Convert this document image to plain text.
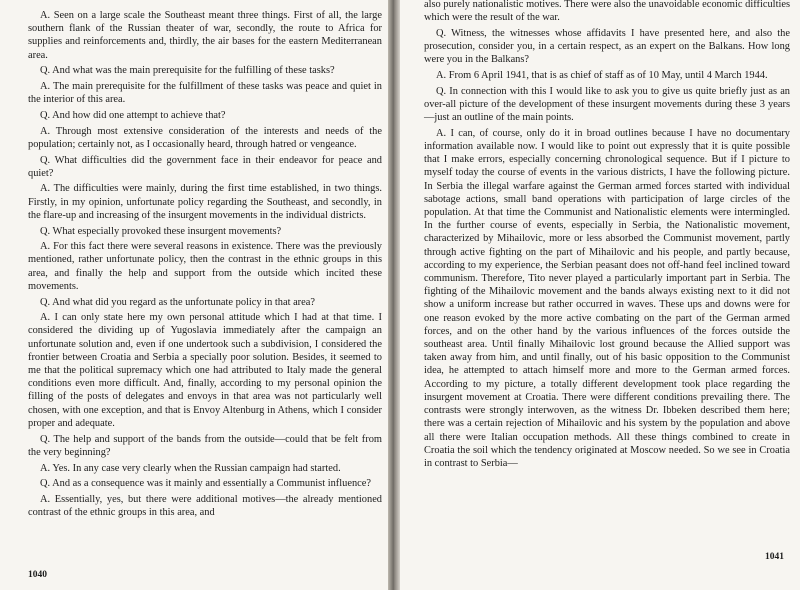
A. Seen on a large scale the Southeast meant three things. First of all, the large southern flank of the Russian theater of war, secondly, the route to Africa for supplies and reinforcements and, thirdly, the air bases for the eastern Mediterranean area.

Q. And what was the main prerequisite for the fulfilling of these tasks?

A. The main prerequisite for the fulfillment of these tasks was peace and quiet in the interior of this area.

Q. And how did one attempt to achieve that?

A. Through most extensive consideration of the interests and needs of the population; certainly not, as I occasionally heard, through hatred or vengeance.

Q. What difficulties did the government face in their endeavor for peace and quiet?

A. The difficulties were mainly, during the first time established, in two things. Firstly, in my opinion, unfortunate policy regarding the Southeast, and secondly, in the flare-up and increasing of the insurgent movements in the individual districts.

Q. What especially provoked these insurgent movements?

A. For this fact there were several reasons in existence. There was the previously mentioned, rather unfortunate policy, then the contrast in the ethnic groups in this area, and finally the help and support from the outside which incited these movements.

Q. And what did you regard as the unfortunate policy in that area?

A. I can only state here my own personal attitude which I had at that time. I considered the dividing up of Yugoslavia immediately after the campaign an unfortunate solution and, even if one undertook such a subdivision, I considered the frontier between Croatia and Serbia a specially poor solution. Besides, it seemed to me that the political supremacy which one had attributed to Italy made the general conditions even more difficult. And, finally, according to my personal opinion the filling of the posts of delegates and envoys in that area was not particularly well chosen, with one exception, and that is Envoy Altenburg in Athens, which I consider proper and adequate.

Q. The help and support of the bands from the outside—could that be felt from the very beginning?

A. Yes. In any case very clearly when the Russian campaign had started.

Q. And as a consequence was it mainly and essentially a Communist influence?

A. Essentially, yes, but there were additional motives—the already mentioned contrast of the ethnic groups in this area, and

1040

also purely nationalistic motives. There were also the unavoidable economic difficulties which were the result of the war.

Q. Witness, the witnesses whose affidavits I have presented here, and also the prosecution, consider you, in a certain respect, as an expert on the Balkans. How long were you in the Balkans?

A. From 6 April 1941, that is as chief of staff as of 10 May, until 4 March 1944.

Q. In connection with this I would like to ask you to give us quite briefly just as an over-all picture of the development of these insurgent movements during these 3 years—just an outline of the main points.

A. I can, of course, only do it in broad outlines because I have no documentary information available now. I would like to point out expressly that it is quite possible that I make errors, especially concerning chronological sequence. But if I picture to myself today the course of events in the various districts, I have the following picture. In Serbia the illegal warfare against the German armed forces started with individual sabotage actions, small band operations with participation of large circles of the population. At that time the Communist and Nationalistic elements were intermingled. In the further course of events, especially in Serbia, the Nationalistic movement, characterized by Mihailovic, more or less absorbed the Communist movement, partly through active fighting on the part of Mihailovic and his people, and partly because, according to my experience, the Serbian peasant does not off-hand feel inclined toward communism. Therefore, Tito never played a particularly important part in Serbia. The fighting of the Mihailovic movement and the bands always existing next to it did not show a uniform increase but rather occurred in waves. These ups and downs were for one reason evoked by the more active combating on the part of the German armed forces, and on the other hand by the various influences of the forces outside the southeast area. Until finally Mihailovic lost ground because the Allied support was taken away from him, and until finally, out of his basic opposition to the Communist idea, he attempted to attach himself more and more to the German armed forces. According to my picture, a totally different development took place regarding the insurgent movement at Croatia. There were different conditions prevailing there. The contrasts were strongly interwoven, as the witness Dr. Ibbeken described them here; there was a certain rejection of Mihailovic and his system by the population and above all there were Italian occupation methods. All these things combined to create in Croatia the soil which the tendency originated at Moscow needed. So we see in Croatia in contrast to Serbia—

1041
